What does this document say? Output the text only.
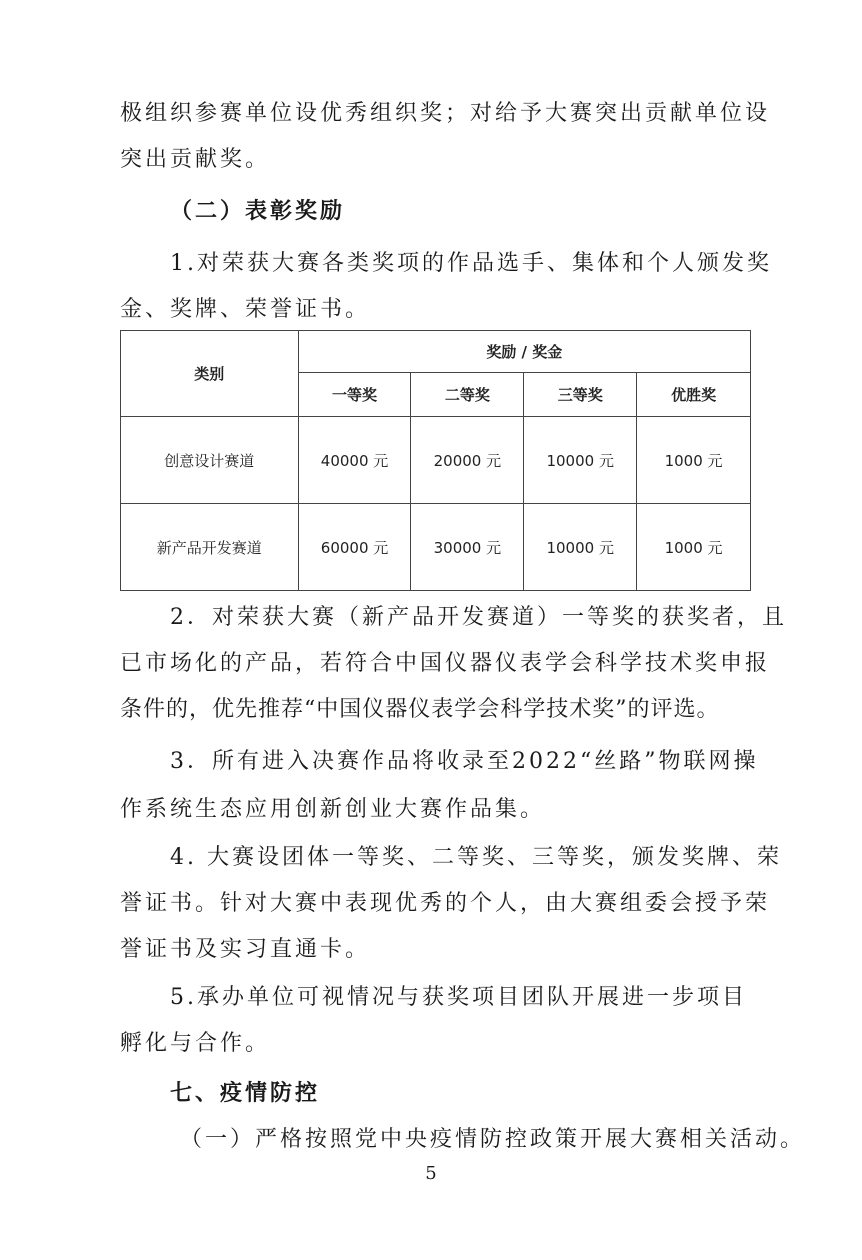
极组织参赛单位设优秀组织奖；对给予大赛突出贡献单位设
突出贡献奖。
（二）表彰奖励
1.对荣获大赛各类奖项的作品选手、集体和个人颁发奖
金、奖牌、荣誉证书。
类别	奖励 / 奖金			
	一等奖	二等奖	三等奖	优胜奖
创意设计赛道	40000 元	20000 元	10000 元	1000 元
新产品开发赛道	60000 元	30000 元	10000 元	1000 元
2．对荣获大赛（新产品开发赛道）一等奖的获奖者，且
已市场化的产品，若符合中国仪器仪表学会科学技术奖申报
条件的，优先推荐“中国仪器仪表学会科学技术奖”的评选。
3．所有进入决赛作品将收录至2022“丝路”物联网操
作系统生态应用创新创业大赛作品集。
4. 大赛设团体一等奖、二等奖、三等奖，颁发奖牌、荣
誉证书。针对大赛中表现优秀的个人，由大赛组委会授予荣
誉证书及实习直通卡。
5.承办单位可视情况与获奖项目团队开展进一步项目
孵化与合作。
七、疫情防控
（一）严格按照党中央疫情防控政策开展大赛相关活动。
5
